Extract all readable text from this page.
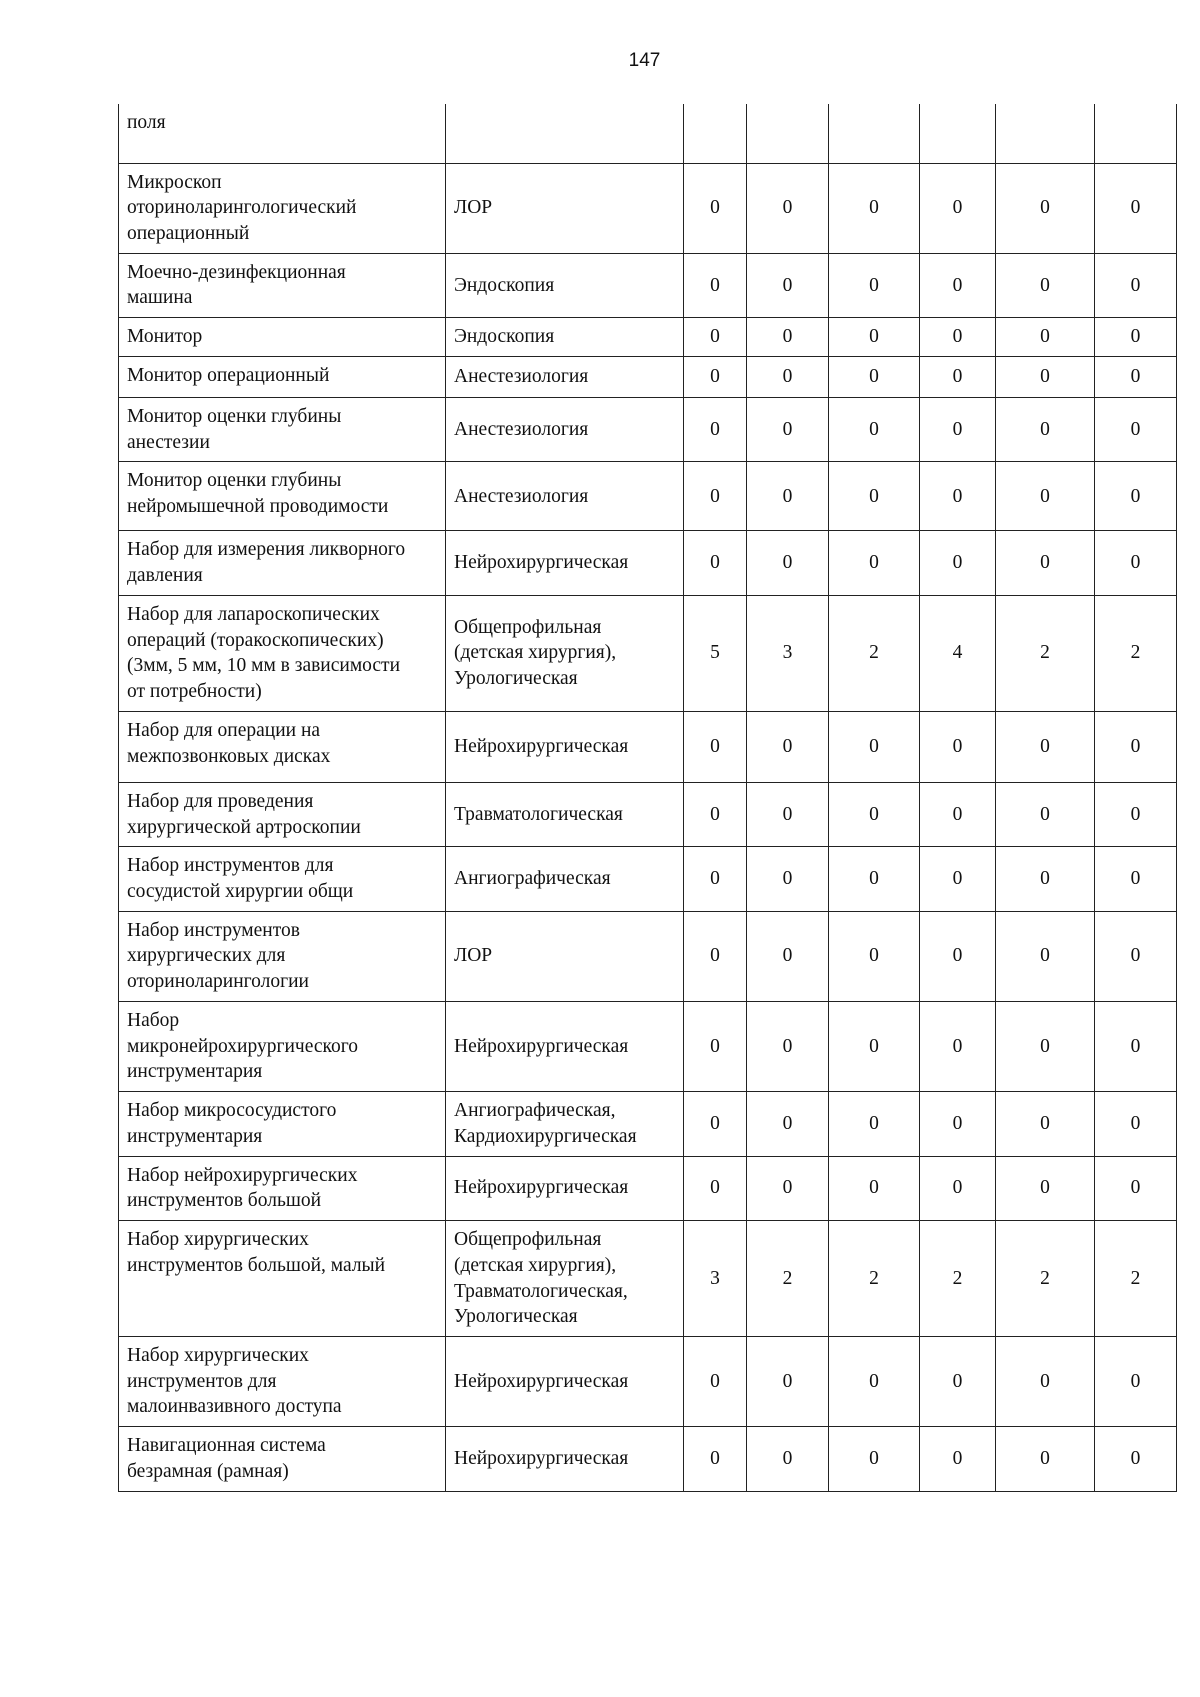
147
поля							

Микроскоп
оториноларингологический
операционный	ЛОР	0	0	0	0	0	0

Моечно-дезинфекционная
машина	Эндоскопия	0	0	0	0	0	0

Монитор	Эндоскопия	0	0	0	0	0	0

Монитор операционный	Анестезиология	0	0	0	0	0	0

Монитор оценки глубины
анестезии	Анестезиология	0	0	0	0	0	0

Монитор оценки глубины
нейромышечной проводимости	Анестезиология	0	0	0	0	0	0

Набор для измерения ликворного
давления	Нейрохирургическая	0	0	0	0	0	0

Набор для лапароскопических
операций (торакоскопических)
(3мм, 5 мм, 10 мм в зависимости
от потребности)	Общепрофильная
(детская хирургия),
Урологическая	5	3	2	4	2	2

Набор для операции на
межпозвонковых дисках	Нейрохирургическая	0	0	0	0	0	0

Набор для проведения
хирургической артроскопии	Травматологическая	0	0	0	0	0	0

Набор инструментов для
сосудистой хирургии общи	Ангиографическая	0	0	0	0	0	0

Набор инструментов
хирургических для
оториноларингологии	ЛОР	0	0	0	0	0	0

Набор
микронейрохирургического
инструментария	Нейрохирургическая	0	0	0	0	0	0

Набор микрососудистого
инструментария	Ангиографическая,
Кардиохирургическая	0	0	0	0	0	0

Набор нейрохирургических
инструментов большой	Нейрохирургическая	0	0	0	0	0	0

Набор хирургических
инструментов большой, малый	Общепрофильная
(детская хирургия),
Травматологическая,
Урологическая	3	2	2	2	2	2

Набор хирургических
инструментов для
малоинвазивного доступа	Нейрохирургическая	0	0	0	0	0	0

Навигационная система
безрамная (рамная)	Нейрохирургическая	0	0	0	0	0	0
